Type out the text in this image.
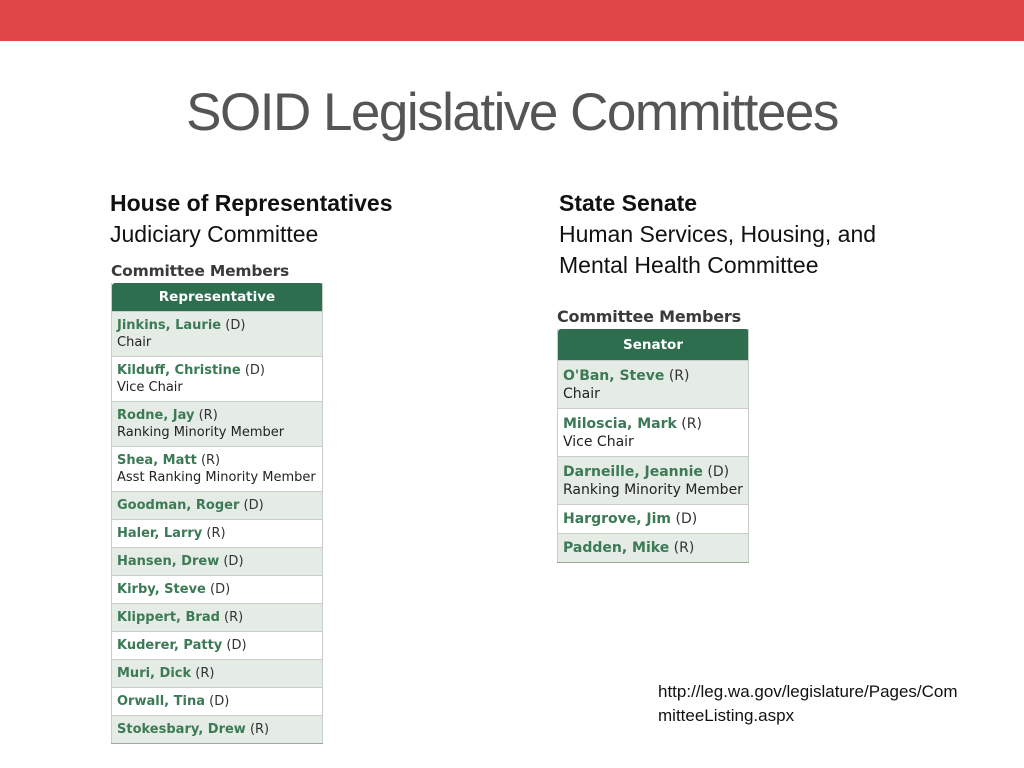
SOID Legislative Committees
House of Representatives
Judiciary Committee
State Senate
Human Services, Housing, and
Mental Health Committee
Committee Members
Representative
Jinkins, Laurie (D)
Chair

Kilduff, Christine (D)
Vice Chair

Rodne, Jay (R)
Ranking Minority Member

Shea, Matt (R)
Asst Ranking Minority Member

Goodman, Roger (D)
Haler, Larry (R)
Hansen, Drew (D)
Kirby, Steve (D)
Klippert, Brad (R)
Kuderer, Patty (D)
Muri, Dick (R)
Orwall, Tina (D)
Stokesbary, Drew (R)
Committee Members
Senator
O'Ban, Steve (R)
Chair

Miloscia, Mark (R)
Vice Chair

Darneille, Jeannie (D)
Ranking Minority Member

Hargrove, Jim (D)
Padden, Mike (R)
http://leg.wa.gov/legislature/Pages/CommitteeListing.aspx
